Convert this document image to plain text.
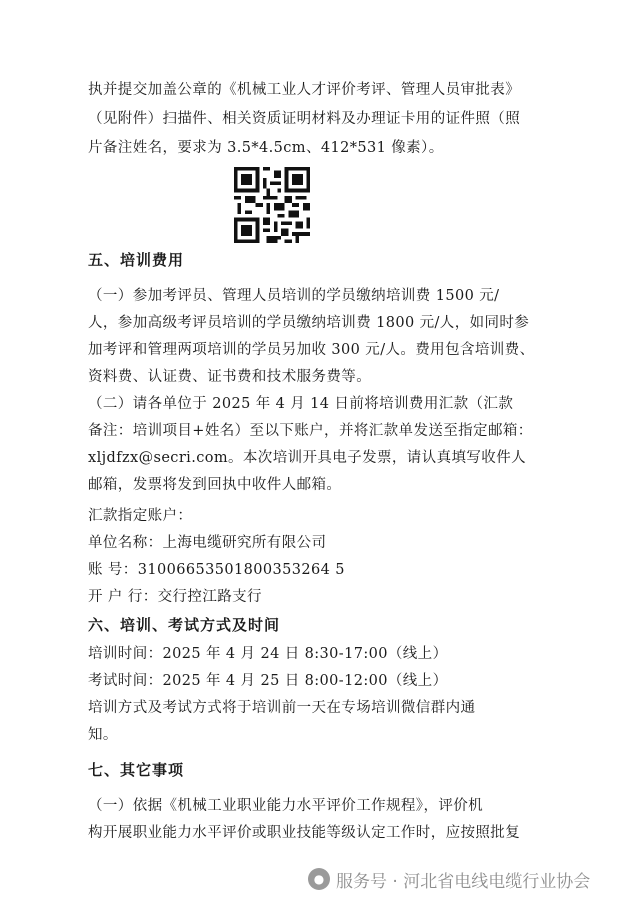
执并提交加盖公章的《机械工业人才评价考评、管理人员审批表》
（见附件）扫描件、相关资质证明材料及办理证卡用的证件照（照
片备注姓名，要求为 3.5*4.5cm、412*531 像素）。
五、培训费用
（一）参加考评员、管理人员培训的学员缴纳培训费 1500 元/
人，参加高级考评员培训的学员缴纳培训费 1800 元/人，如同时参
加考评和管理两项培训的学员另加收 300 元/人。费用包含培训费、
资料费、认证费、证书费和技术服务费等。
（二）请各单位于 2025 年 4 月 14 日前将培训费用汇款（汇款
备注：培训项目+姓名）至以下账户，并将汇款单发送至指定邮箱：
xljdfzx@secri.com。本次培训开具电子发票，请认真填写收件人
邮箱，发票将发到回执中收件人邮箱。
汇款指定账户：
单位名称：上海电缆研究所有限公司
账 号：31006653501800353264 5
开 户 行：交行控江路支行
六、培训、考试方式及时间
培训时间：2025 年 4 月 24 日 8:30-17:00（线上）
考试时间：2025 年 4 月 25 日 8:00-12:00（线上）
培训方式及考试方式将于培训前一天在专场培训微信群内通
知。
七、其它事项
（一）依据《机械工业职业能力水平评价工作规程》，评价机
构开展职业能力水平评价或职业技能等级认定工作时，应按照批复
● 服务号 · 河北省电线电缆行业协会
